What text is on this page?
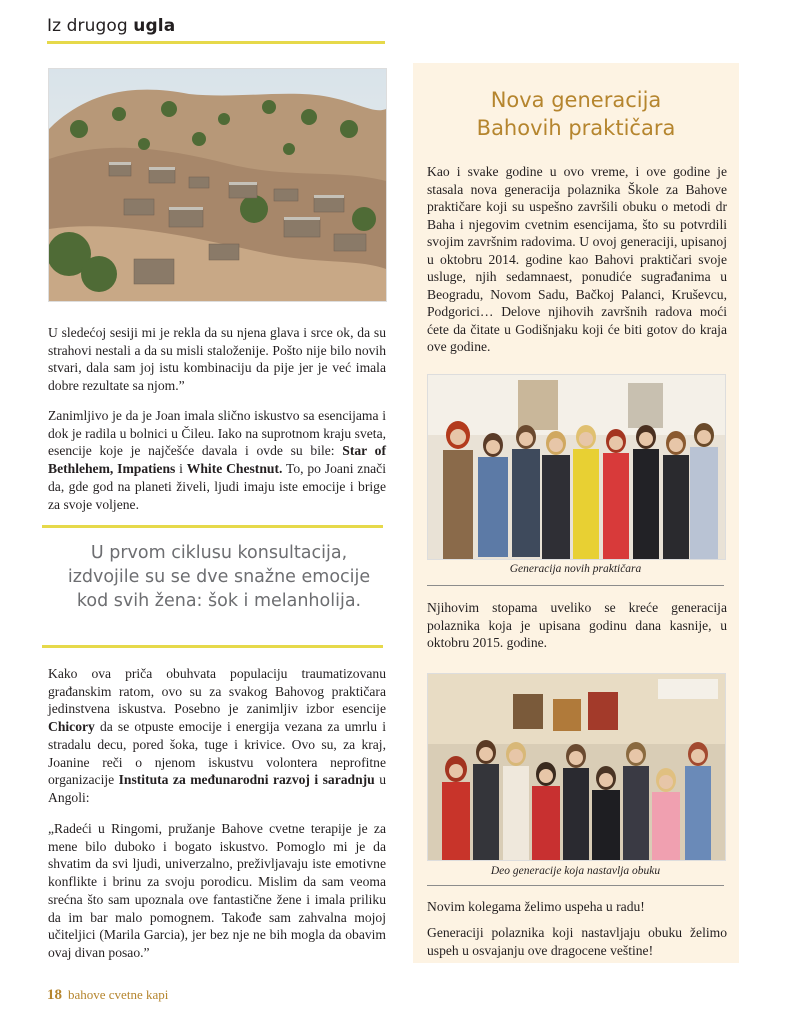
Iz drugog ugla

U sledećoj sesiji mi je rekla da su njena glava i srce ok, da su strahovi nestali a da su misli staloženije. Pošto nije bilo novih stvari, dala sam joj istu kombinaciju da pije jer je već imala dobre rezultate sa njom.”

Zanimljivo je da je Joan imala slično iskustvo sa esencijama i dok je radila u bolnici u Čileu. Iako na suprotnom kraju sveta, esencije koje je najčešće davala i ovde su bile: Star of Bethlehem, Impatiens i White Chestnut. To, po Joani znači da, gde god na planeti živeli, ljudi imaju iste emocije i brige za svoje voljene.

U prvom ciklusu konsultacija, izdvojile su se dve snažne emocije kod svih žena: šok i melanholija.

Kako ova priča obuhvata populaciju traumatizovanu građanskim ratom, ovo su za svakog Bahovog praktičara jedinstvena iskustva. Posebno je zanimljiv izbor esencije Chicory da se otpuste emocije i energija vezana za umrlu i stradalu decu, pored šoka, tuge i krivice. Ovo su, za kraj, Joanine reči o njenom iskustvu volontera neprofitne organizacije Instituta za međunarodni razvoj i saradnju u Angoli:

„Radeći u Ringomi, pružanje Bahove cvetne terapije je za mene bilo duboko i bogato iskustvo. Pomoglo mi je da shvatim da svi ljudi, univerzalno, preživljavaju iste emotivne konflikte i brinu za svoju porodicu. Mislim da sam veoma srećna što sam upoznala ove fantastične žene i imala priliku da im bar malo pomognem. Takođe sam zahvalna mojoj učiteljici (Marila Garcia), jer bez nje ne bih mogla da obavim ovaj divan posao.”

Nova generacija
Bahovih praktičara

Kao i svake godine u ovo vreme, i ove godine je stasala nova generacija polaznika Škole za Bahove praktičare koji su uspešno završili obuku o metodi dr Baha i njegovim cvetnim esencijama, što su potvrdili svojim završnim radovima. U ovoj generaciji, upisanoj u oktobru 2014. godine kao Bahovi praktičari svoje usluge, njih sedamnaest, ponudiće sugrađanima u Beogradu, Novom Sadu, Bačkoj Palanci, Kruševcu, Podgorici… Delove njihovih završnih radova moći ćete da čitate u Godišnjaku koji će biti gotov do kraja ove godine.

Generacija novih praktičara

Njihovim stopama uveliko se kreće generacija polaznika koja je upisana godinu dana kasnije, u oktobru 2015. godine.

Deo generacije koja nastavlja obuku

Novim kolegama želimo uspeha u radu!

Generaciji polaznika koji nastavljaju obuku želimo uspeh u osvajanju ove dragocene veštine!

18 bahove cvetne kapi
